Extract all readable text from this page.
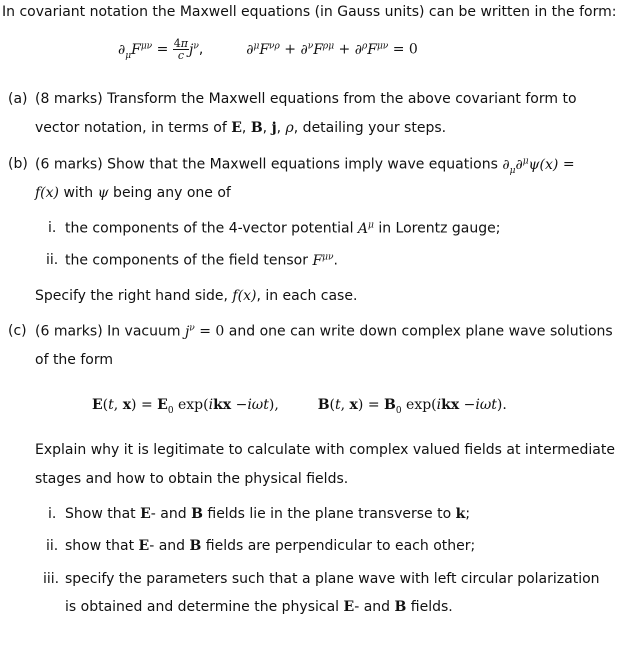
In covariant notation the Maxwell equations (in Gauss units) can be written in the form:
$\partial_\mu F^{\mu\nu} = \frac{4\pi}{c} j^\nu$,	$\partial^\mu F^{\nu\rho} + \partial^\nu F^{\rho\mu} + \partial^\rho F^{\mu\nu} = 0$
(a) (8 marks) Transform the Maxwell equations from the above covariant form to
vector notation, in terms of E, B, j, ρ, detailing your steps.
(b) (6 marks) Show that the Maxwell equations imply wave equations $\partial_\mu\partial^\mu\psi(x)$ =
f(x) with ψ being any one of
i. the components of the 4-vector potential $A^\mu$ in Lorentz gauge;
ii. the components of the field tensor $F^{\mu\nu}$.
Specify the right hand side, f(x), in each case.
(c) (6 marks) In vacuum $j^\nu = 0$ and one can write down complex plane wave solutions
of the form
E(t, $x) = E_0$ exp(ikx −iωt),	B(t, $x) = B_0$ exp(ikx −iωt).
Explain why it is legitimate to calculate with complex valued fields at intermediate
stages and how to obtain the physical fields.
i. Show that E- and B fields lie in the plane transverse to k;
ii. show that E- and B fields are perpendicular to each other;
iii. specify the parameters such that a plane wave with left circular polarization
is obtained and determine the physical E- and B fields.
